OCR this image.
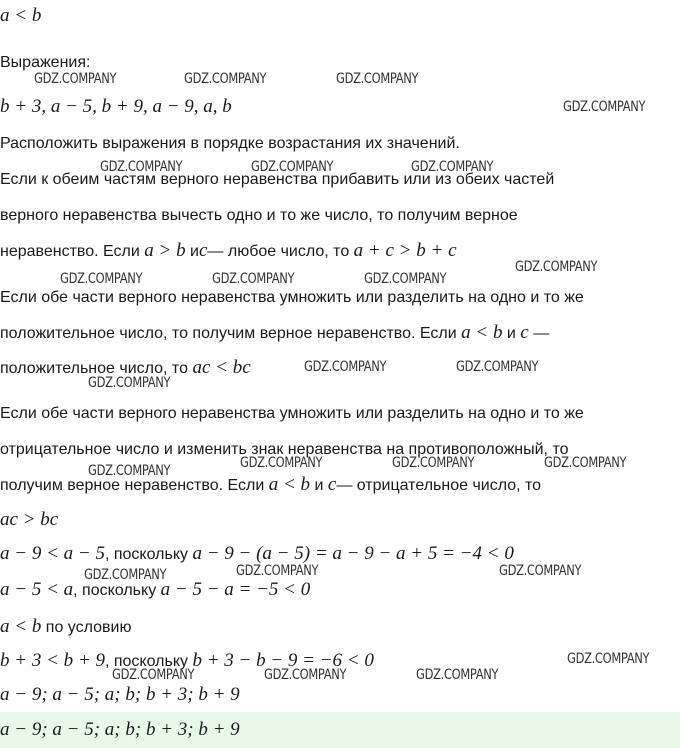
a < b
Выражения:
b + 3, a − 5, b + 9, a − 9, a, b
Расположить выражения в порядке возрастания их значений.
Если к обеим частям верного неравенства прибавить или из обеих частей
верного неравенства вычесть одно и то же число, то получим верное
неравенство. Если a > b иc— любое число, то a + c > b + c
Если обе части верного неравенства умножить или разделить на одно и то же
положительное число, то получим верное неравенство. Если a < b и c —
положительное число, то ac < bc
Если обе части верного неравенства умножить или разделить на одно и то же
отрицательное число и изменить знак неравенства на противоположный, то
получим верное неравенство. Если a < b и c— отрицательное число, то
ac > bc
a − 9 < a − 5, поскольку a − 9 − (a − 5) = a − 9 − a + 5 = −4 < 0
a − 5 < a, поскольку a − 5 − a = −5 < 0
a < b по условию
b + 3 < b + 9, поскольку b + 3 − b − 9 = −6 < 0
a − 9; a − 5; a; b; b + 3; b + 9
a − 9; a − 5; a; b; b + 3; b + 9
GDZ.COMPANY	GDZ.COMPANY	GDZ.COMPANY
GDZ.COMPANY
GDZ.COMPANY	GDZ.COMPANY	GDZ.COMPANY
GDZ.COMPANY
GDZ.COMPANY	GDZ.COMPANY	GDZ.COMPANY
GDZ.COMPANY	GDZ.COMPANY
GDZ.COMPANY
GDZ.COMPANY	GDZ.COMPANY	GDZ.COMPANY
GDZ.COMPANY
GDZ.COMPANY	GDZ.COMPANY	GDZ.COMPANY
GDZ.COMPANY
GDZ.COMPANY	GDZ.COMPANY	GDZ.COMPANY
